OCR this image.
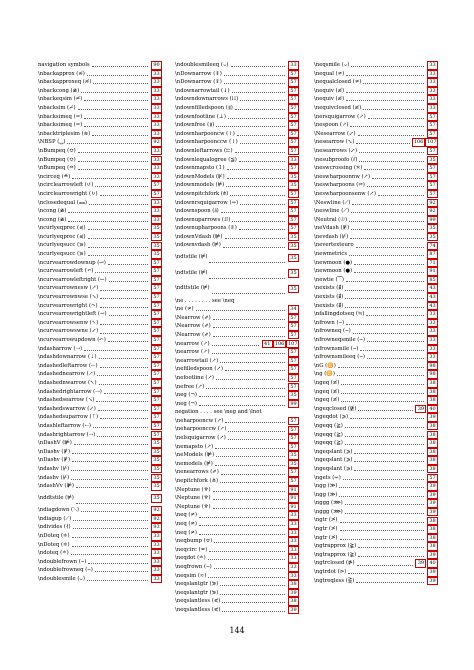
navigation symbols	90
\nbackapprox (≉)	33
\nbackapproxeq (≉)	33
\nbackcong (≇)	33
\nbackeqsim (≄)	33
\nbacksim (≁)	33
\nbacksimeq (⋍)	33
\nbacksimeq (⋍)	33
\nbacktriplesim (≋)	33
\NBSP (␣)	92
\nBumpeq (≎)	33
\nBumpeq (≎)	33
\nBumpeq (≏)	33
\ncirceq (≗)	33
\ncirclearrowleft (↺)	57
\ncirclearrowright (↻)	57
\nclosedequal (⩵)	33
\ncong (≇)	33
\ncong (≇)	33
\ncurlyeqprec (⋞)	35
\ncurlyeqprec (⋞)	35
\ncurlyeqsucc (⋟)	35
\ncurlyeqsucc (⋟)	35
\ncurvearrowdownup (⤻)	57
\ncurvearrowleft (↶)	57
\ncurvearrowleftright (↜)	57
\ncurvearrownesw (↗)	57
\ncurvearrownwse (↘)	57
\ncurvearrowright (↷)	57
\ncurvearrowrightleft (↝)	57
\ncurvearrowsenw (↖)	57
\ncurvearrowswne (↙)	57
\ncurvearrowupdown (⤺)	57
\ndasharrow (⇢)	57
\ndashdownarrow (⇣)	57
\ndashedleftarrow (⇠)	57
\ndashednearrow (↗)	57
\ndashednwarrow (↖)	57
\ndashedrightarrow (⇢)	57
\ndashedsearrow (↘)	57
\ndashedswarrow (↙)	57
\ndashedsuparrow (⇡)	57
\ndashleftarrow (⇠)	57
\ndashrightarrow (⇢)	57
\nDashV (⊯)	35
\nDashv (⊮)	35
\nDashv (⊮)	35
\ndashv (⊬)	35
\ndashv (⊬)	35
\ndashVv (⊯)	35
\nddtstile (⊭)	35
\ndiagdown (⟍)	92
\ndiagup (⟋)	92
\ndivides (∤)	93
\nDoteq (≑)	33
\nDoteq (≑)	33
\ndoteq (≐)	33
\ndoublefrown (⌢)	33
\ndoublefrowneq (⌢)	33
\ndoublesmile (⌣)	33
\ndoublesmileeq (⌣)	33
\nDownarrow (⇓)	57
\nDownarrow (⇓)	57
\ndownarrowtail (↡)	57
\ndowndownarrows (⇊)	57
\ndownfilledspoon (⫫)	57
\ndownfootline (⊥)	57
\ndownfree (⫫)	57
\ndownharpooncw (⇃)	57
\ndownharpoonccw (⇂)	57
\ndownleftarrows (⇇)	57
\ndownlequalogree (≦)	33
\ndownmapsto (↧)	57
\ndownModels (⊮)	35
\ndownmodels (⊭)	35
\ndownpitchfork (⫛)	57
\ndownrsquigarrow (⇝)	57
\ndownspoon (⫰)	57
\ndownuparrows (⇵)	57
\ndownupharpoons (⥯)	57
\ndownVdash (⊯)	35
\ndownvdash (⊭)	35
\ndtstile (⊭)	35
\ndtstile (⊭)	35
\ndttstile (⊭)	35
\ne . . . . . . . . see \neq
\ne (≠)	34
\Nearrow (⇗)	57
\Nearrow (⇗)	57
\Nearrow (⇗)	57
\nearrow (↗)	41 106 107
\nearrow (↗)	57
\nearrowtail (↗)	57
\nefilledspoon (↗)	57
\nefootline (↗)	57
\nefree (↗)	57
\neg (¬)	35
\neg (¬)	99
negation . . . . see \neg and \lnot
\neharpooncw (↗)	57
\neharpoonccw (↗)	57
\nelsquigarrow (↗)	57
\nemapsto (↗)	57
\neModels (⊯)	35
\nemodels (⊭)	35
\nenearrows (⇗)	57
\nepitchfork (⋔)	57
\Neptune (♆)	91
\Neptune (♆)	91
\Neptune (♆)	91
\neq (≠)	33
\neq (≠)	33
\neq (≠)	33
\neqbump (≎)	33
\neqcirc (≖)	33
\neqdot (≐)	33
\neqfrown (⌢)	33
\neqsim (≂)	33
\neqslantgtr (⪖)	38
\neqslantgtr (⪖)	39
\neqslantless (⪕)	38
\neqslantless (⪕)	39
\neqsmile (⌣)	33
\nequal (≠)	33
\nequalclosed (≠)	33
\nequiv (≢)	33
\nequiv (≢)	33
\nequivclosed (≢)	33
\nersquigarrow (↗)	57
\nespoon (↗)	57
\Nesearrow (⤢)	57
\nesearrow (⤡)	106 107
\nesearrows (⤢)	57
\nesubproofo (⫽)	35
\neswcrossing (⤧)	57
\neswharpoonnw (↗)	57
\neswharpoons (⇌)	57
\neswharpoonsenw (↗)	57
\Neswline (⟋)	92
\neswline (⟋)	92
\Neutral (☉)	99
\neVdash (⊮)	35
\nevdash (⊬)	35
\nevertexteuro	74
\newmetrics	87
\newmoon (●)	71
\newmoon (●)	91
\newtie (⁀)	85
\nexists (∄)	43
\nexists (∄)	43
\nexists (∄)	43
\nfallingdotseq (≒)	33
\nfrown (⌢)	33
\nfrowneq (⌢)	33
\nfrowneqsmile (⌢)	33
\nfrownsmile (⌢)	33
\nfrownsmileeq (⌢)	33
\nG (♊)	98
\ng (♊)	98
\ngeq (≱)	38
\ngeq (≱)	38
\ngeq (≱)	38
\ngeqclosed (⋭)	39	40
\ngeqdot (⩾)	39
\ngeqq (≧)	38
\ngeqq (≧)	38
\ngeqq (≧)	38
\ngeqslant (⩾)	38
\ngeqslant (⩾)	38
\ngeqslant (⩾)	38
\ngets (↚)	57
\ngg (≫)	39
\ngg (≫)	39
\nggg (⋙)	39
\nggg (⋙)	39
\ngtr (≯)	38
\ngtr (≯)	38
\ngtr (≯)	38
\ngtrapprox (⪊)	38
\ngtrapprox (⪊)	39
\ngtrclosed (⋫)	39	40
\ngtrdot (⋗)	39
\ngtreqless (⋛)	39
144
